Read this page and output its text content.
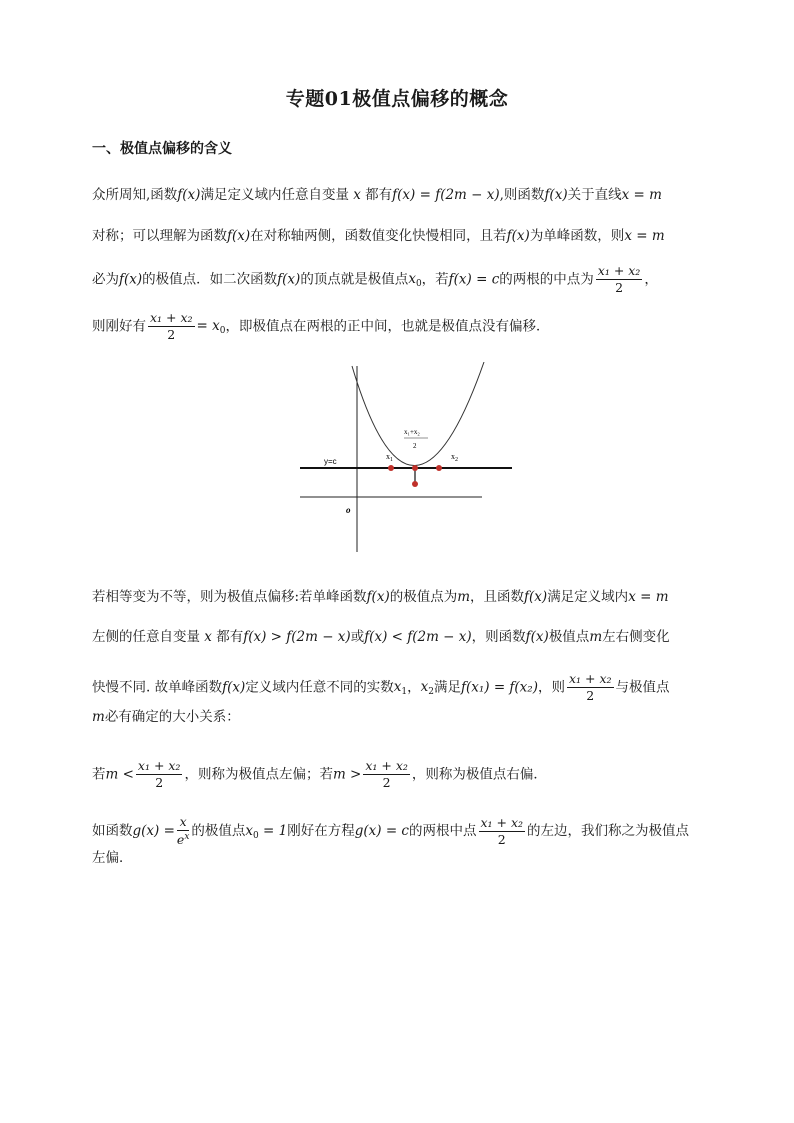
专题01极值点偏移的概念
一、极值点偏移的含义
众所周知,函数f(x)满足定义域内任意自变量 x 都有f(x) = f(2m − x),则函数f(x)关于直线x = m
对称；可以理解为函数f(x)在对称轴两侧，函数值变化快慢相同，且若f(x)为单峰函数，则x = m
必为f(x)的极值点．如二次函数f(x)的顶点就是极值点$x_0$，若f(x) = c的两根的中点为 $\frac{\text{x₁ + x₂}}{2}$ ，
则刚好有 $\frac{\text{x₁ + x₂}}{2} = x_0$，即极值点在两根的正中间，也就是极值点没有偏移．
y=c
$x_1$	$x_2$
x₁+x₂
2
o
若相等变为不等，则为极值点偏移:若单峰函数f(x)的极值点为m，且函数f(x)满足定义域内x = m
左侧的任意自变量 x 都有f(x) > f(2m − x)或f(x) < f(2m − x)，则函数f(x)极值点m左右侧变化
快慢不同. 故单峰函数f(x)定义域内任意不同的实数$x_1$，$x_2$满足f(x₁) = f(x₂)，则 $\frac{\text{x₁ + x₂}}{2}$ 与极值点
m必有确定的大小关系：
若$m < \frac{\text{x₁ + x₂}}{2}$ ，则称为极值点左偏；若$m > \frac{\text{x₁ + x₂}}{2}$ ，则称为极值点右偏．
如函数$g(x) = \frac{x}{e^x}$ 的极值点$x_0 = 1$刚好在方程g(x) = c的两根中点 $\frac{\text{x₁ + x₂}}{2}$ 的左边，我们称之为极值点
左偏．
